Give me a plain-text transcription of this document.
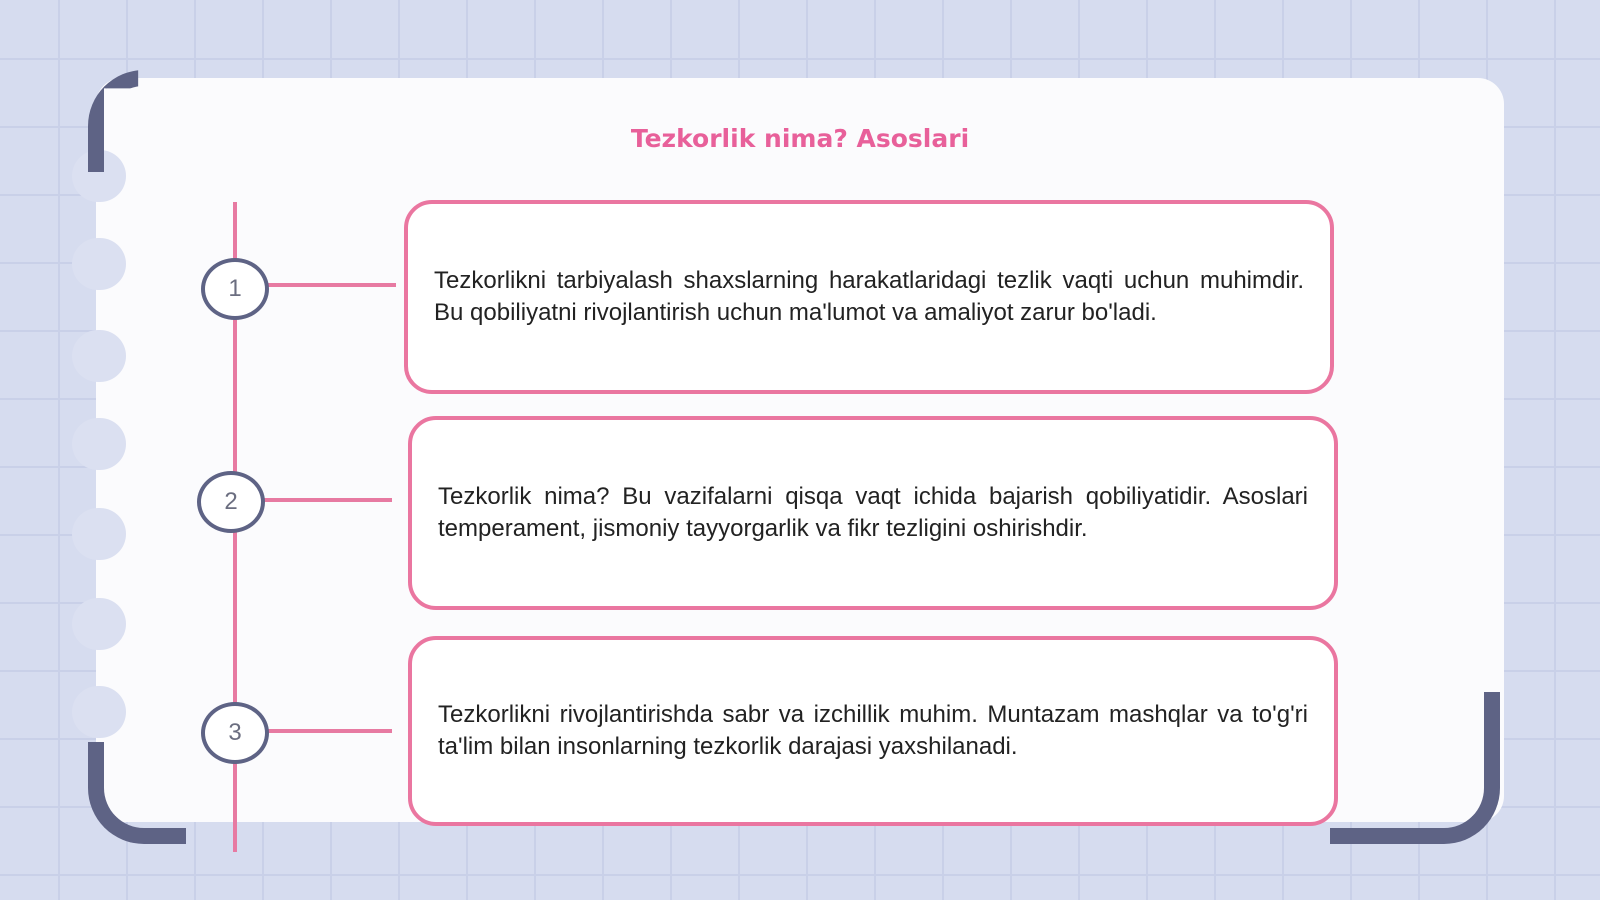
Tezkorlik nima? Asoslari
1
2
3

Tezkorlikni tarbiyalash shaxslarning harakatlaridagi tezlik vaqti uchun muhimdir. Bu qobiliyatni rivojlantirish uchun ma'lumot va amaliyot zarur bo'ladi.

Tezkorlik nima? Bu vazifalarni qisqa vaqt ichida bajarish qobiliyatidir. Asoslari temperament, jismoniy tayyorgarlik va fikr tezligini oshirishdir.

Tezkorlikni rivojlantirishda sabr va izchillik muhim. Muntazam mashqlar va to'g'ri ta'lim bilan insonlarning tezkorlik darajasi yaxshilanadi.
